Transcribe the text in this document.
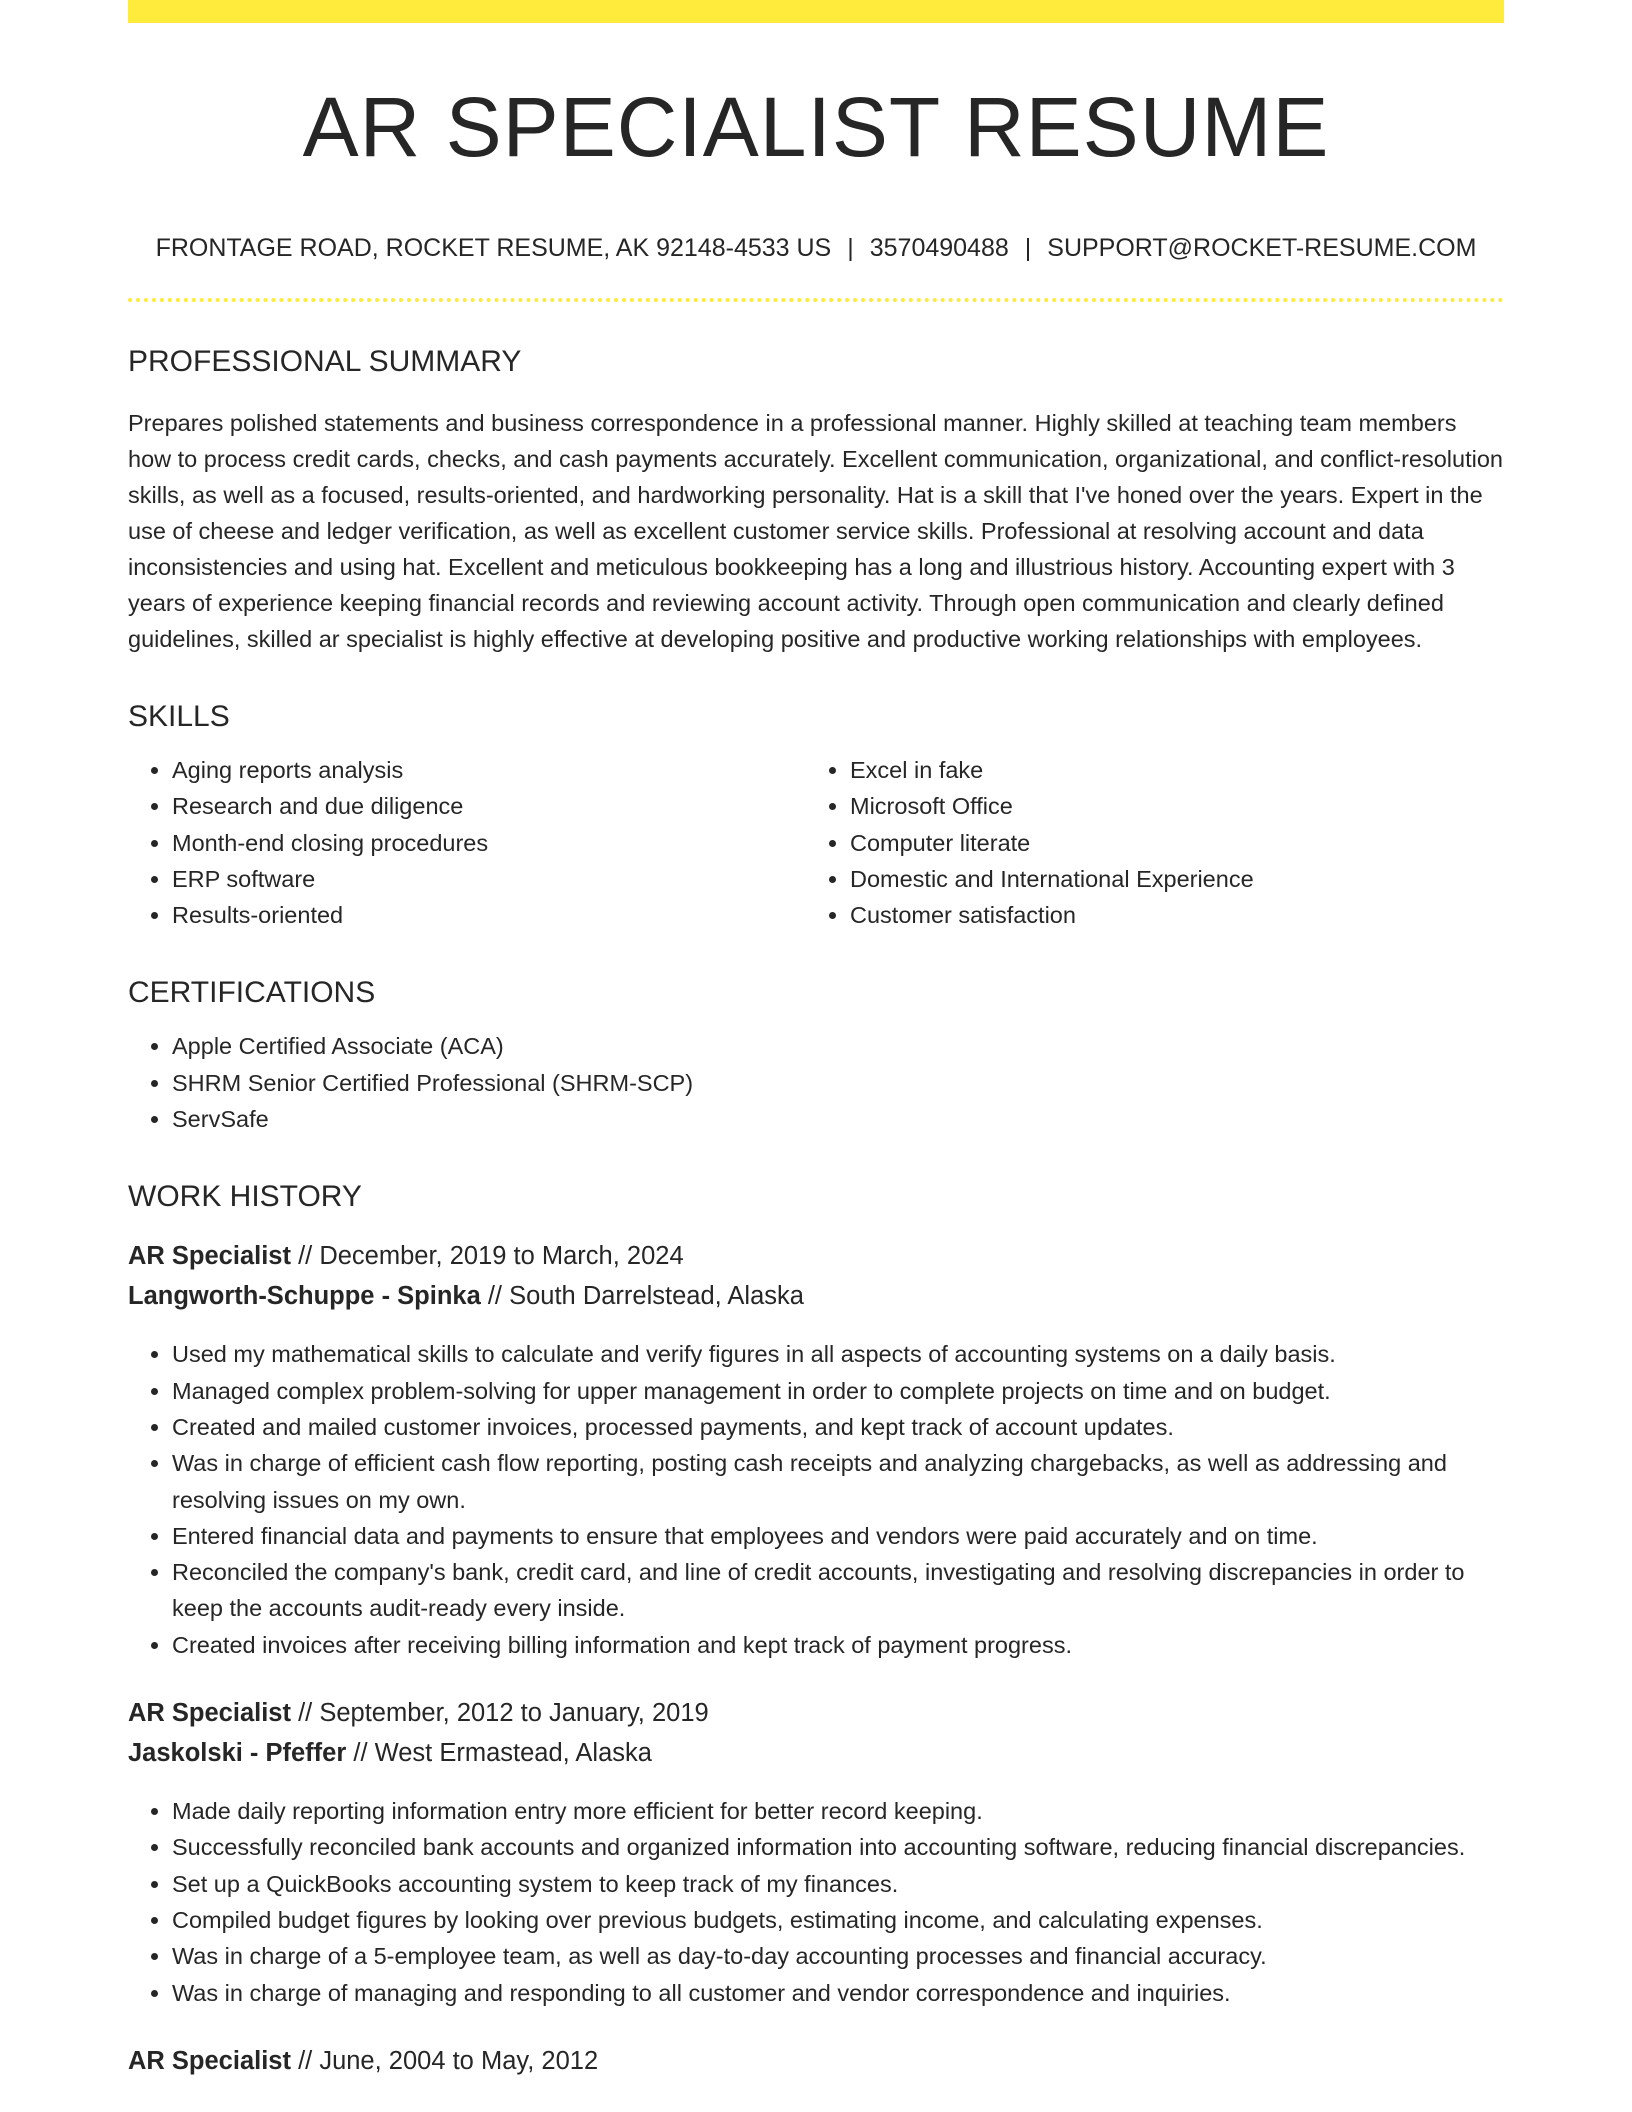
AR SPECIALIST RESUME
FRONTAGE ROAD, ROCKET RESUME, AK 92148-4533 US | 3570490488 | SUPPORT@ROCKET-RESUME.COM
PROFESSIONAL SUMMARY

Prepares polished statements and business correspondence in a professional manner. Highly skilled at teaching team members how to process credit cards, checks, and cash payments accurately. Excellent communication, organizational, and conflict-resolution skills, as well as a focused, results-oriented, and hardworking personality. Hat is a skill that I've honed over the years. Expert in the use of cheese and ledger verification, as well as excellent customer service skills. Professional at resolving account and data inconsistencies and using hat. Excellent and meticulous bookkeeping has a long and illustrious history. Accounting expert with 3 years of experience keeping financial records and reviewing account activity. Through open communication and clearly defined guidelines, skilled ar specialist is highly effective at developing positive and productive working relationships with employees.

SKILLS
• Aging reports analysis
• Research and due diligence
• Month-end closing procedures
• ERP software
• Results-oriented
• Excel in fake
• Microsoft Office
• Computer literate
• Domestic and International Experience
• Customer satisfaction
CERTIFICATIONS
• Apple Certified Associate (ACA)
• SHRM Senior Certified Professional (SHRM-SCP)
• ServSafe
WORK HISTORY

AR Specialist // December, 2019 to March, 2024

Langworth-Schuppe - Spinka // South Darrelstead, Alaska

• Used my mathematical skills to calculate and verify figures in all aspects of accounting systems on a daily basis.
• Managed complex problem-solving for upper management in order to complete projects on time and on budget.
• Created and mailed customer invoices, processed payments, and kept track of account updates.
• Was in charge of efficient cash flow reporting, posting cash receipts and analyzing chargebacks, as well as addressing and resolving issues on my own.
• Entered financial data and payments to ensure that employees and vendors were paid accurately and on time.
• Reconciled the company's bank, credit card, and line of credit accounts, investigating and resolving discrepancies in order to keep the accounts audit-ready every inside.
• Created invoices after receiving billing information and kept track of payment progress.

AR Specialist // September, 2012 to January, 2019

Jaskolski - Pfeffer // West Ermastead, Alaska

• Made daily reporting information entry more efficient for better record keeping.
• Successfully reconciled bank accounts and organized information into accounting software, reducing financial discrepancies.
• Set up a QuickBooks accounting system to keep track of my finances.
• Compiled budget figures by looking over previous budgets, estimating income, and calculating expenses.
• Was in charge of a 5-employee team, as well as day-to-day accounting processes and financial accuracy.
• Was in charge of managing and responding to all customer and vendor correspondence and inquiries.

AR Specialist // June, 2004 to May, 2012
